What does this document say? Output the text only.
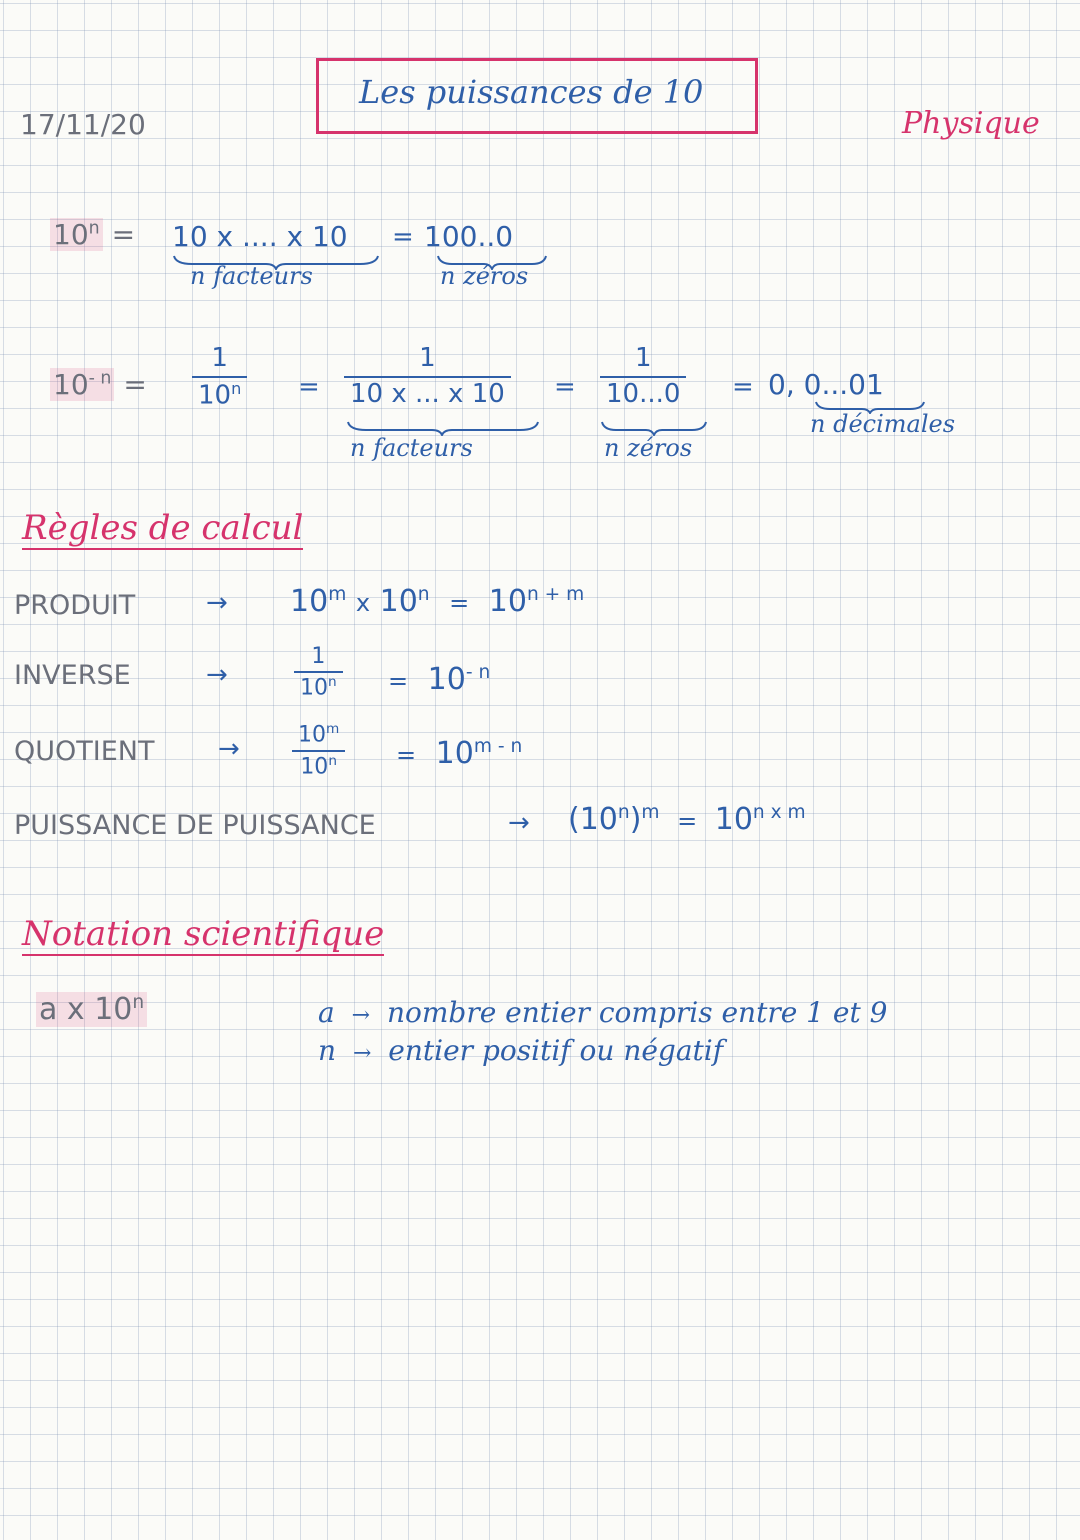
17/11/20
Les puissances de 10
Physique
$10^n = 10$ x .... x 10
n facteurs
= 100..0
n zéros
$10^{- n}$ =
1
$10^n$ =
1
10 x ... x 10
n facteurs
=
1
10...0
n zéros
= 0, 0...01
n décimales
Règles de calcul
PRODUIT	→ $10^m$ x $10^n = 10^{n + m}$
INVERSE	→
1
$10^n = 10^{- n}$
QUOTIENT →	$10^m$
$10^n = 10^{m - n}$
PUISSANCE DE PUISSANCE	→ $(10^n)^m = 10^{n x m}$
Notation scientifique
a x 10$^n$	a → nombre entier compris entre 1 et 9
n → entier positif ou négatif
